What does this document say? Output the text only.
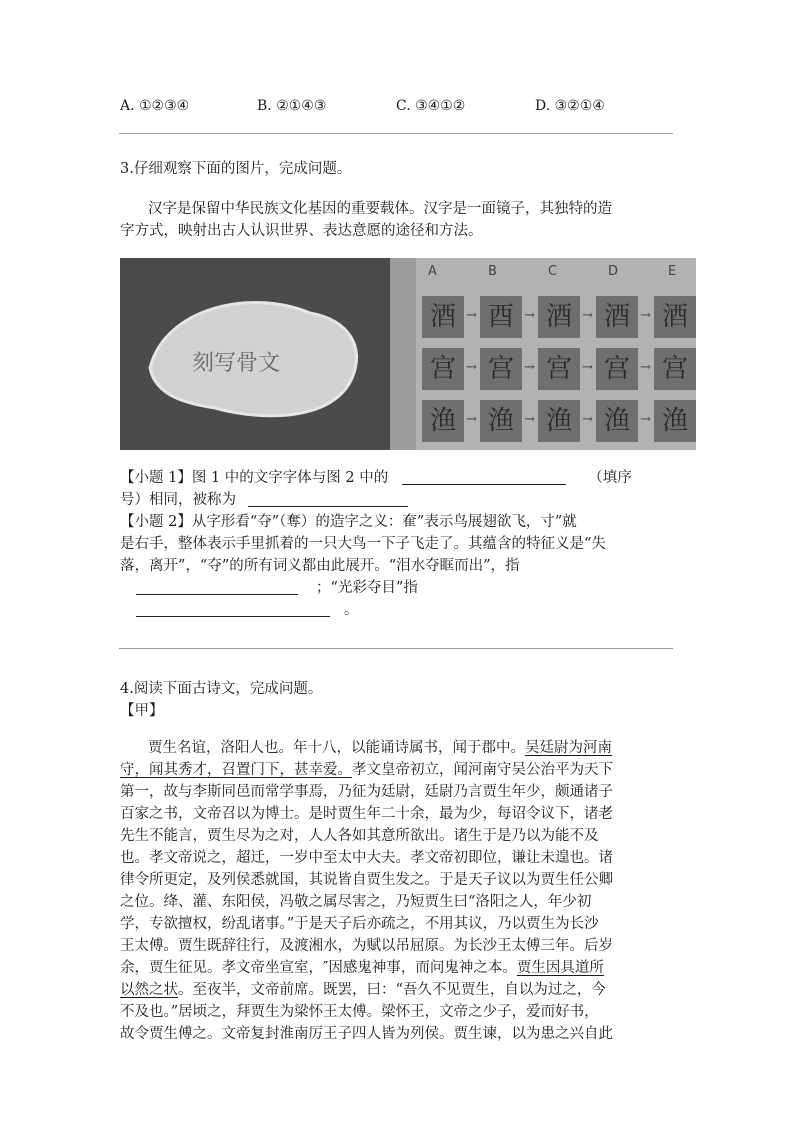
A. ①②③④	B. ②①④③	C. ③④①②	D. ③②①④
3.仔细观察下面的图片，完成问题。
汉字是保留中华民族文化基因的重要载体。汉字是一面镜子，其独特的造
字方式，映射出古人认识世界、表达意愿的途径和方法。
刻写骨文
A	B	C	D	E
酒 → 酉 → 酒 → 酒 → 酒
宫 → 宫 → 宫 → 宫 → 宫
渔 → 渔 → 渔 → 渔 → 渔
【小题 1】图 1 中的文字字体与图 2 中的	（填序
号）相同，被称为
【小题 2】从字形看“夺”（奪）的造字之义：奞”表示鸟展翅欲飞，寸”就
是右手，整体表示手里抓着的一只大鸟一下子飞走了。其蕴含的特征义是“失
落，离开”，“夺”的所有词义都由此展开。“泪水夺眶而出”，指
；“光彩夺目”指
。
4.阅读下面古诗文，完成问题。
【甲】
贾生名谊，洛阳人也。年十八，以能诵诗属书，闻于郡中。吴廷尉为河南
守，闻其秀才，召置门下，甚幸爱。孝文皇帝初立，闻河南守吴公治平为天下
第一，故与李斯同邑而常学事焉，乃征为廷尉，廷尉乃言贾生年少，颇通诸子
百家之书，文帝召以为博士。是时贾生年二十余，最为少，每诏令议下，诸老
先生不能言，贾生尽为之对，人人各如其意所欲出。诸生于是乃以为能不及
也。孝文帝说之，超迁，一岁中至太中大夫。孝文帝初即位，谦让未遑也。诸
律令所更定，及列侯悉就国，其说皆自贾生发之。于是天子议以为贾生任公卿
之位。绛、灌、东阳侯，冯敬之属尽害之，乃短贾生曰“洛阳之人，年少初
学，专欲擅权，纷乱诸事。”于是天子后亦疏之，不用其议，乃以贾生为长沙
王太傅。贾生既辞往行，及渡湘水，为赋以吊屈原。为长沙王太傅三年。后岁
余，贾生征见。孝文帝坐宣室，″因感鬼神事，而问鬼神之本。贾生因具道所
以然之状。至夜半，文帝前席。既罢，曰：“吾久不见贾生，自以为过之，今
不及也。”居顷之，拜贾生为梁怀王太傅。梁怀王，文帝之少子，爱而好书，
故令贾生傅之。文帝复封淮南厉王子四人皆为列侯。贾生谏，以为患之兴自此
